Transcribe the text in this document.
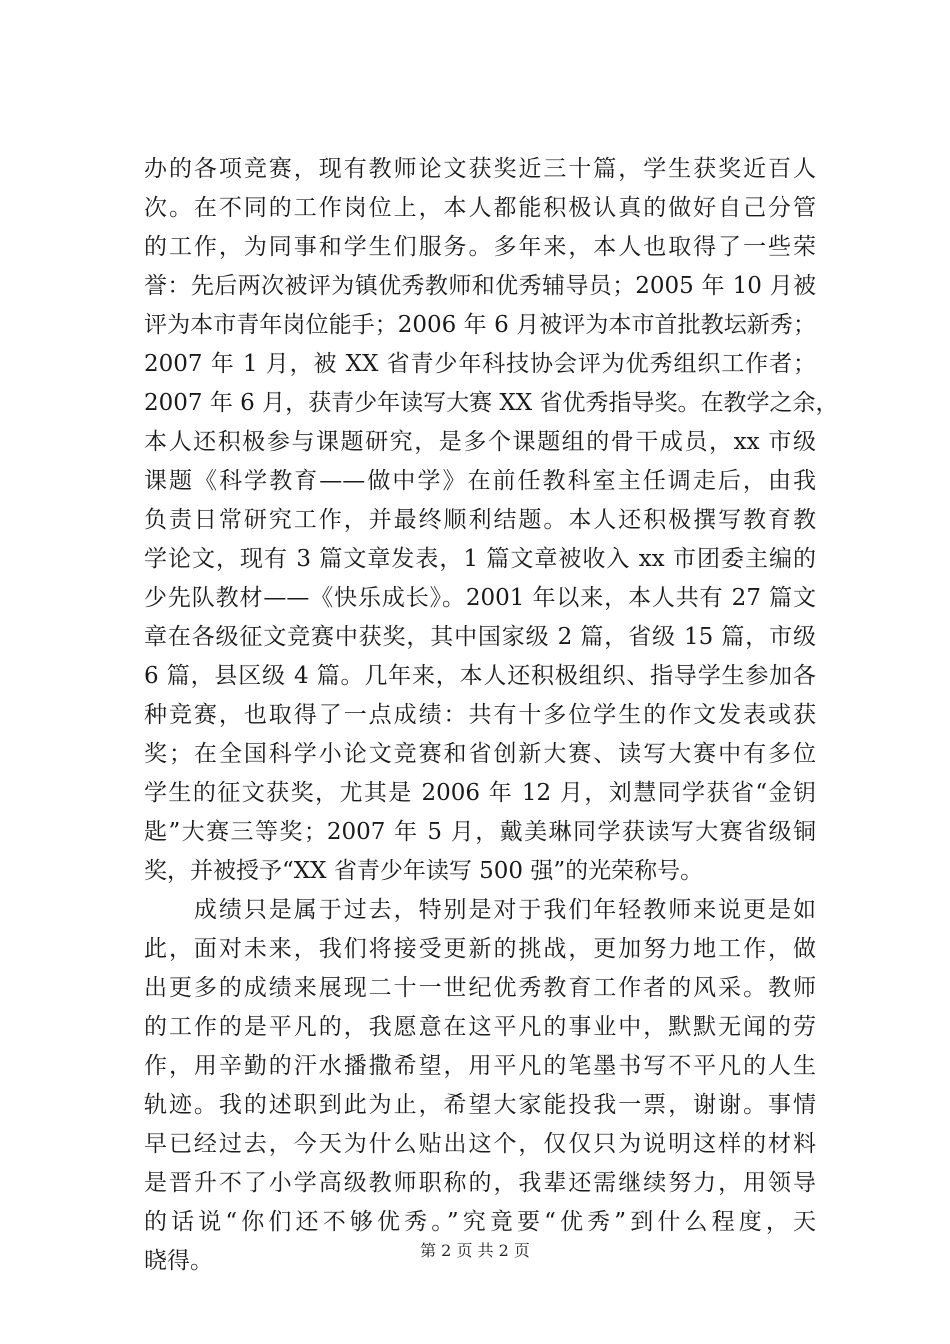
办的各项竞赛，现有教师论文获奖近三十篇，学生获奖近百人
次。在不同的工作岗位上，本人都能积极认真的做好自己分管
的工作，为同事和学生们服务。多年来，本人也取得了一些荣
誉：先后两次被评为镇优秀教师和优秀辅导员；2005 年 10 月被
评为本市青年岗位能手；2006 年 6 月被评为本市首批教坛新秀；
2007 年 1 月，被 XX 省青少年科技协会评为优秀组织工作者；
2007 年 6 月，获青少年读写大赛 XX 省优秀指导奖。在教学之余，
本人还积极参与课题研究，是多个课题组的骨干成员，xx 市级
课题《科学教育——做中学》在前任教科室主任调走后，由我
负责日常研究工作，并最终顺利结题。本人还积极撰写教育教
学论文，现有 3 篇文章发表，1 篇文章被收入 xx 市团委主编的
少先队教材——《快乐成长》。2001 年以来，本人共有 27 篇文
章在各级征文竞赛中获奖，其中国家级 2 篇，省级 15 篇，市级
6 篇，县区级 4 篇。几年来，本人还积极组织、指导学生参加各
种竞赛，也取得了一点成绩：共有十多位学生的作文发表或获
奖；在全国科学小论文竞赛和省创新大赛、读写大赛中有多位
学生的征文获奖，尤其是 2006 年 12 月，刘慧同学获省“金钥
匙”大赛三等奖；2007 年 5 月，戴美琳同学获读写大赛省级铜
奖，并被授予“XX 省青少年读写 500 强”的光荣称号。
　　成绩只是属于过去，特别是对于我们年轻教师来说更是如
此，面对未来，我们将接受更新的挑战，更加努力地工作，做
出更多的成绩来展现二十一世纪优秀教育工作者的风采。教师
的工作的是平凡的，我愿意在这平凡的事业中，默默无闻的劳
作，用辛勤的汗水播撒希望，用平凡的笔墨书写不平凡的人生
轨迹。我的述职到此为止，希望大家能投我一票，谢谢。事情
早已经过去，今天为什么贴出这个，仅仅只为说明这样的材料
是晋升不了小学高级教师职称的，我辈还需继续努力，用领导
的话说“你们还不够优秀。”究竟要“优秀”到什么程度，天
晓得。	第 2 页 共 2 页
